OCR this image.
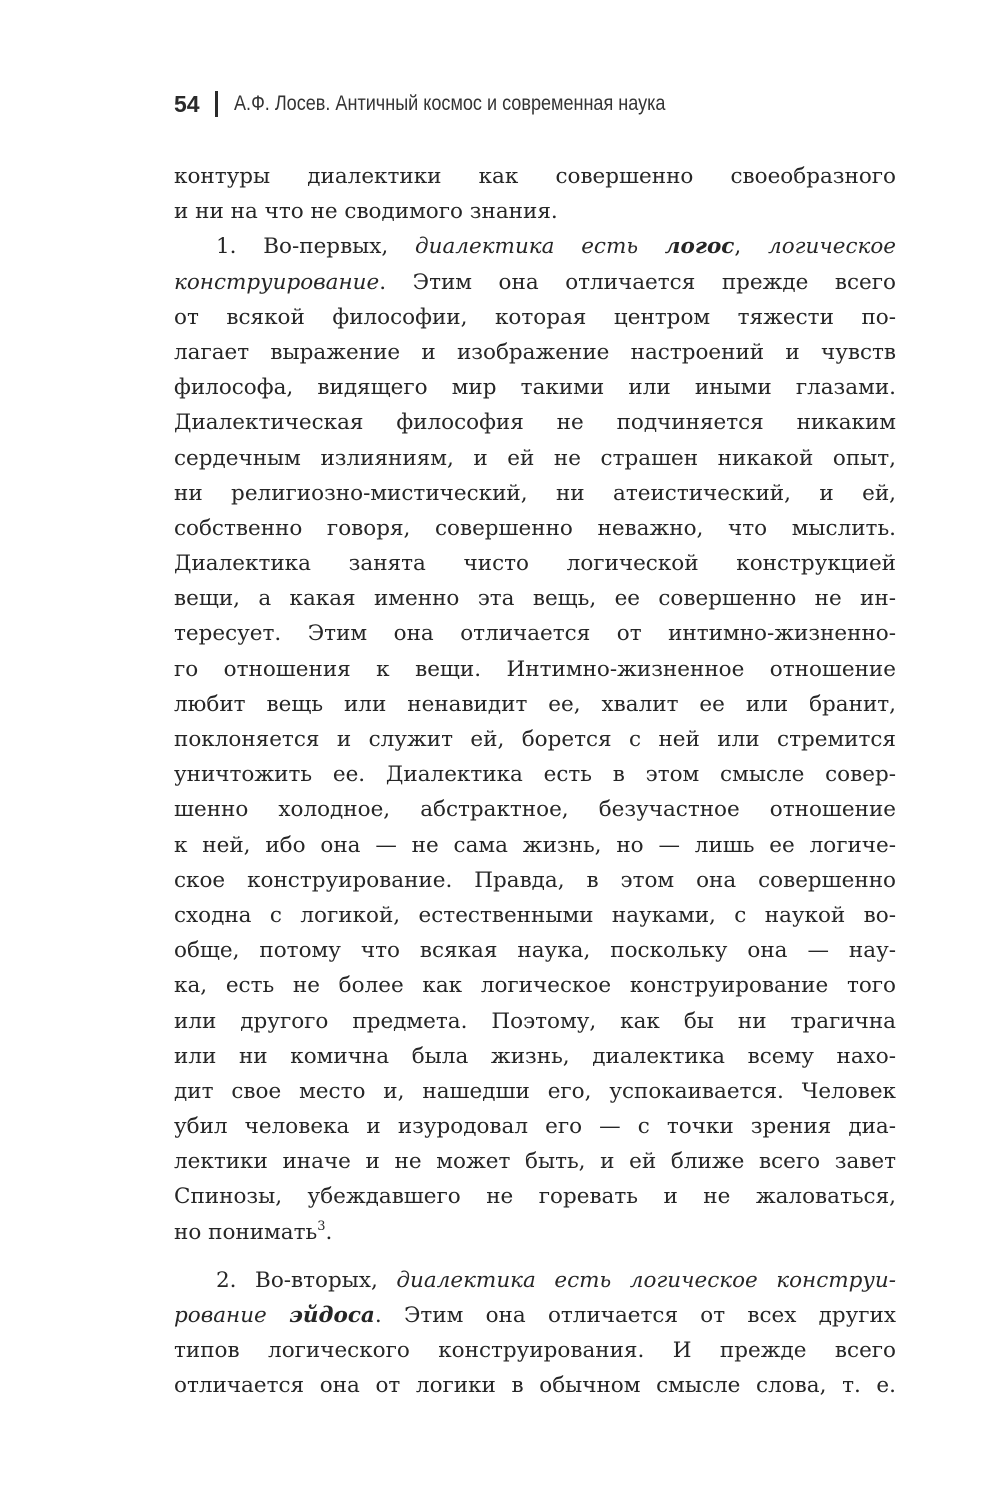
54 А.Ф. Лосев. Античный космос и современная наука
контуры диалектики как совершенно своеобразного
и ни на что не сводимого знания.
1. Во-первых, диалектика есть логос, логическое
конструирование. Этим она отличается прежде всего
от всякой философии, которая центром тяжести по-
лагает выражение и изображение настроений и чувств
философа, видящего мир такими или иными глазами.
Диалектическая философия не подчиняется никаким
сердечным излияниям, и ей не страшен никакой опыт,
ни религиозно-мистический, ни атеистический, и ей,
собственно говоря, совершенно неважно, что мыслить.
Диалектика занята чисто логической конструкцией
вещи, а какая именно эта вещь, ее совершенно не ин-
тересует. Этим она отличается от интимно-жизненно-
го отношения к вещи. Интимно-жизненное отношение
любит вещь или ненавидит ее, хвалит ее или бранит,
поклоняется и служит ей, борется с ней или стремится
уничтожить ее. Диалектика есть в этом смысле совер-
шенно холодное, абстрактное, безучастное отношение
к ней, ибо она — не сама жизнь, но — лишь ее логиче-
ское конструирование. Правда, в этом она совершенно
сходна с логикой, естественными науками, с наукой во-
обще, потому что всякая наука, поскольку она — нау-
ка, есть не более как логическое конструирование того
или другого предмета. Поэтому, как бы ни трагична
или ни комична была жизнь, диалектика всему нахо-
дит свое место и, нашедши его, успокаивается. Человек
убил человека и изуродовал его — с точки зрения диа-
лектики иначе и не может быть, и ей ближе всего завет
Спинозы, убеждавшего не горевать и не жаловаться,
но понимать$^3$.
2. Во-вторых, диалектика есть логическое конструи-
рование эйдоса. Этим она отличается от всех других
типов логического конструирования. И прежде всего
отличается она от логики в обычном смысле слова, т. е.
